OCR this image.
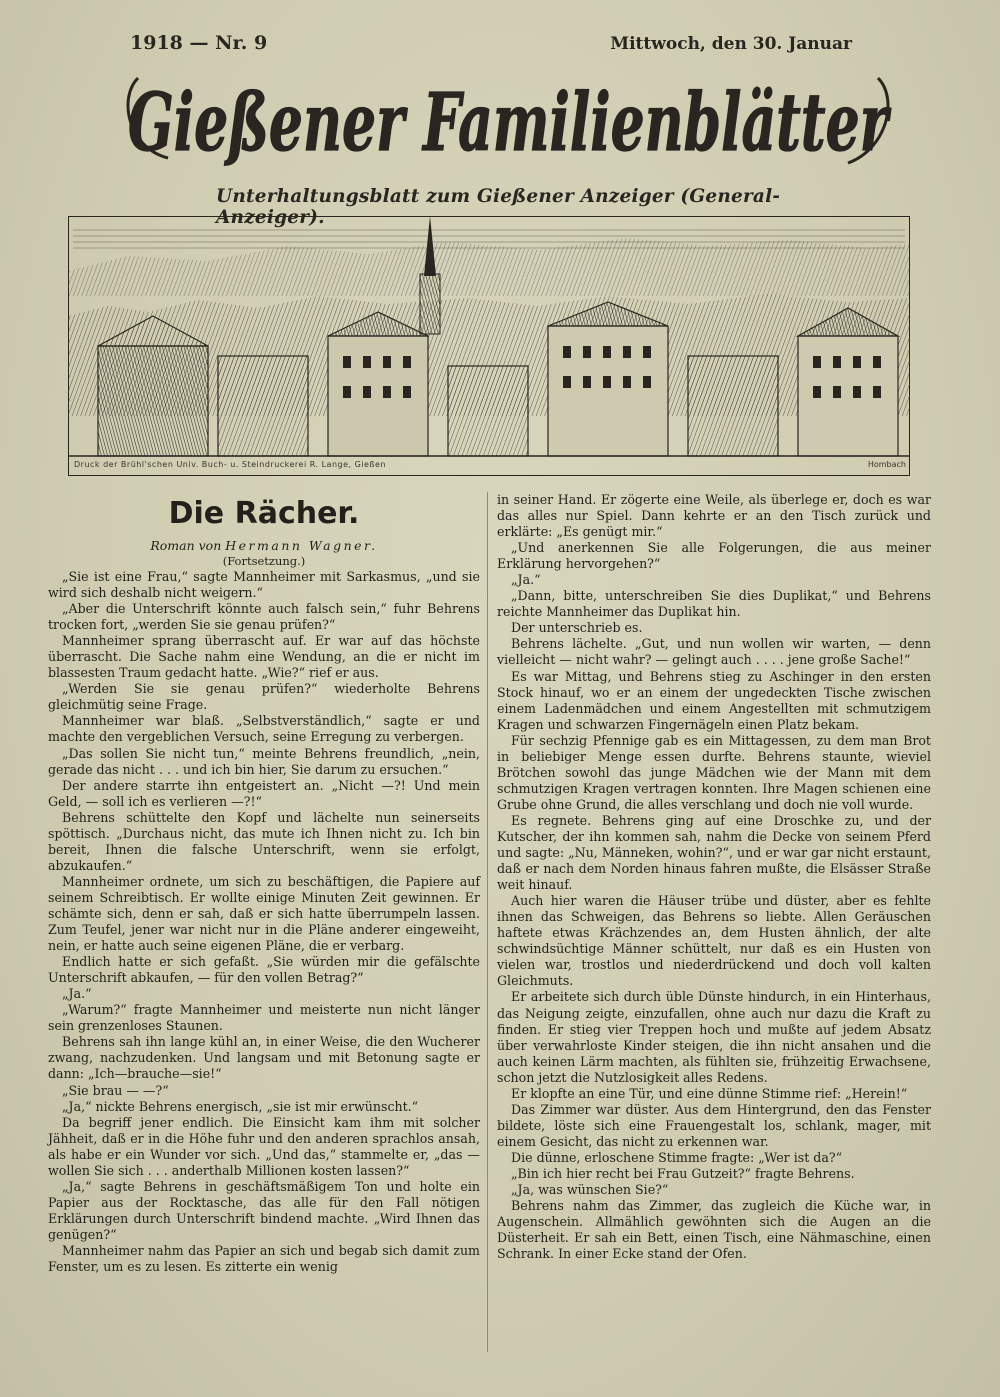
1918 — Nr. 9	Mittwoch, den 30. Januar
Gießener Familienblätter
Unterhaltungsblatt zum Gießener Anzeiger (General-Anzeiger).
Druck der Brühl'schen Univ. Buch- u. Steindruckerei R. Lange, Gießen	Hombach
Die Rächer.
Roman von Hermann Wagner.
(Fortsetzung.)

„Sie ist eine Frau,“ sagte Mannheimer mit Sarkasmus, „und sie wird sich deshalb nicht weigern.“

„Aber die Unterschrift könnte auch falsch sein,“ fuhr Behrens trocken fort, „werden Sie sie genau prüfen?“

Mannheimer sprang überrascht auf. Er war auf das höchste überrascht. Die Sache nahm eine Wendung, an die er nicht im blassesten Traum gedacht hatte. „Wie?“ rief er aus.

„Werden Sie sie genau prüfen?“ wiederholte Behrens gleichmütig seine Frage.

Mannheimer war blaß. „Selbstverständlich,“ sagte er und machte den vergeblichen Versuch, seine Erregung zu verbergen.

„Das sollen Sie nicht tun,“ meinte Behrens freundlich, „nein, gerade das nicht . . . und ich bin hier, Sie darum zu ersuchen.“

Der andere starrte ihn entgeistert an. „Nicht —?! Und mein Geld, — soll ich es verlieren —?!“

Behrens schüttelte den Kopf und lächelte nun seinerseits spöttisch. „Durchaus nicht, das mute ich Ihnen nicht zu. Ich bin bereit, Ihnen die falsche Unterschrift, wenn sie erfolgt, abzukaufen.“

Mannheimer ordnete, um sich zu beschäftigen, die Papiere auf seinem Schreibtisch. Er wollte einige Minuten Zeit gewinnen. Er schämte sich, denn er sah, daß er sich hatte überrumpeln lassen. Zum Teufel, jener war nicht nur in die Pläne anderer eingeweiht, nein, er hatte auch seine eigenen Pläne, die er verbarg.

Endlich hatte er sich gefaßt. „Sie würden mir die gefälschte Unterschrift abkaufen, — für den vollen Betrag?“

„Ja.“

„Warum?“ fragte Mannheimer und meisterte nun nicht länger sein grenzenloses Staunen.

Behrens sah ihn lange kühl an, in einer Weise, die den Wucherer zwang, nachzudenken. Und langsam und mit Betonung sagte er dann: „Ich—brauche—sie!“

„Sie brau — —?“

„Ja,“ nickte Behrens energisch, „sie ist mir erwünscht.“

Da begriff jener endlich. Die Einsicht kam ihm mit solcher Jähheit, daß er in die Höhe fuhr und den anderen sprachlos ansah, als habe er ein Wunder vor sich. „Und das,“ stammelte er, „das — wollen Sie sich . . . anderthalb Millionen kosten lassen?“

„Ja,“ sagte Behrens in geschäftsmäßigem Ton und holte ein Papier aus der Rocktasche, das alle für den Fall nötigen Erklärungen durch Unterschrift bindend machte. „Wird Ihnen das genügen?“

Mannheimer nahm das Papier an sich und begab sich damit zum Fenster, um es zu lesen. Es zitterte ein wenig

in seiner Hand. Er zögerte eine Weile, als überlege er, doch es war das alles nur Spiel. Dann kehrte er an den Tisch zurück und erklärte: „Es genügt mir.“

„Und anerkennen Sie alle Folgerungen, die aus meiner Erklärung hervorgehen?“

„Ja.“

„Dann, bitte, unterschreiben Sie dies Duplikat,“ und Behrens reichte Mannheimer das Duplikat hin.

Der unterschrieb es.

Behrens lächelte. „Gut, und nun wollen wir warten, — denn vielleicht — nicht wahr? — gelingt auch . . . . jene große Sache!“

Es war Mittag, und Behrens stieg zu Aschinger in den ersten Stock hinauf, wo er an einem der ungedeckten Tische zwischen einem Ladenmädchen und einem Angestellten mit schmutzigem Kragen und schwarzen Fingernägeln einen Platz bekam.

Für sechzig Pfennige gab es ein Mittagessen, zu dem man Brot in beliebiger Menge essen durfte. Behrens staunte, wieviel Brötchen sowohl das junge Mädchen wie der Mann mit dem schmutzigen Kragen vertragen konnten. Ihre Magen schienen eine Grube ohne Grund, die alles verschlang und doch nie voll wurde.

Es regnete. Behrens ging auf eine Droschke zu, und der Kutscher, der ihn kommen sah, nahm die Decke von seinem Pferd und sagte: „Nu, Männeken, wohin?“, und er war gar nicht erstaunt, daß er nach dem Norden hinaus fahren mußte, die Elsässer Straße weit hinauf.

Auch hier waren die Häuser trübe und düster, aber es fehlte ihnen das Schweigen, das Behrens so liebte. Allen Geräuschen haftete etwas Krächzendes an, dem Husten ähnlich, der alte schwindsüchtige Männer schüttelt, nur daß es ein Husten von vielen war, trostlos und niederdrückend und doch voll kalten Gleichmuts.

Er arbeitete sich durch üble Dünste hindurch, in ein Hinterhaus, das Neigung zeigte, einzufallen, ohne auch nur dazu die Kraft zu finden. Er stieg vier Treppen hoch und mußte auf jedem Absatz über verwahrloste Kinder steigen, die ihn nicht ansahen und die auch keinen Lärm machten, als fühlten sie, frühzeitig Erwachsene, schon jetzt die Nutzlosigkeit alles Redens.

Er klopfte an eine Tür, und eine dünne Stimme rief: „Herein!“

Das Zimmer war düster. Aus dem Hintergrund, den das Fenster bildete, löste sich eine Frauengestalt los, schlank, mager, mit einem Gesicht, das nicht zu erkennen war.

Die dünne, erloschene Stimme fragte: „Wer ist da?“

„Bin ich hier recht bei Frau Gutzeit?“ fragte Behrens.

„Ja, was wünschen Sie?“

Behrens nahm das Zimmer, das zugleich die Küche war, in Augenschein. Allmählich gewöhnten sich die Augen an die Düsterheit. Er sah ein Bett, einen Tisch, eine Nähmaschine, einen Schrank. In einer Ecke stand der Ofen.
